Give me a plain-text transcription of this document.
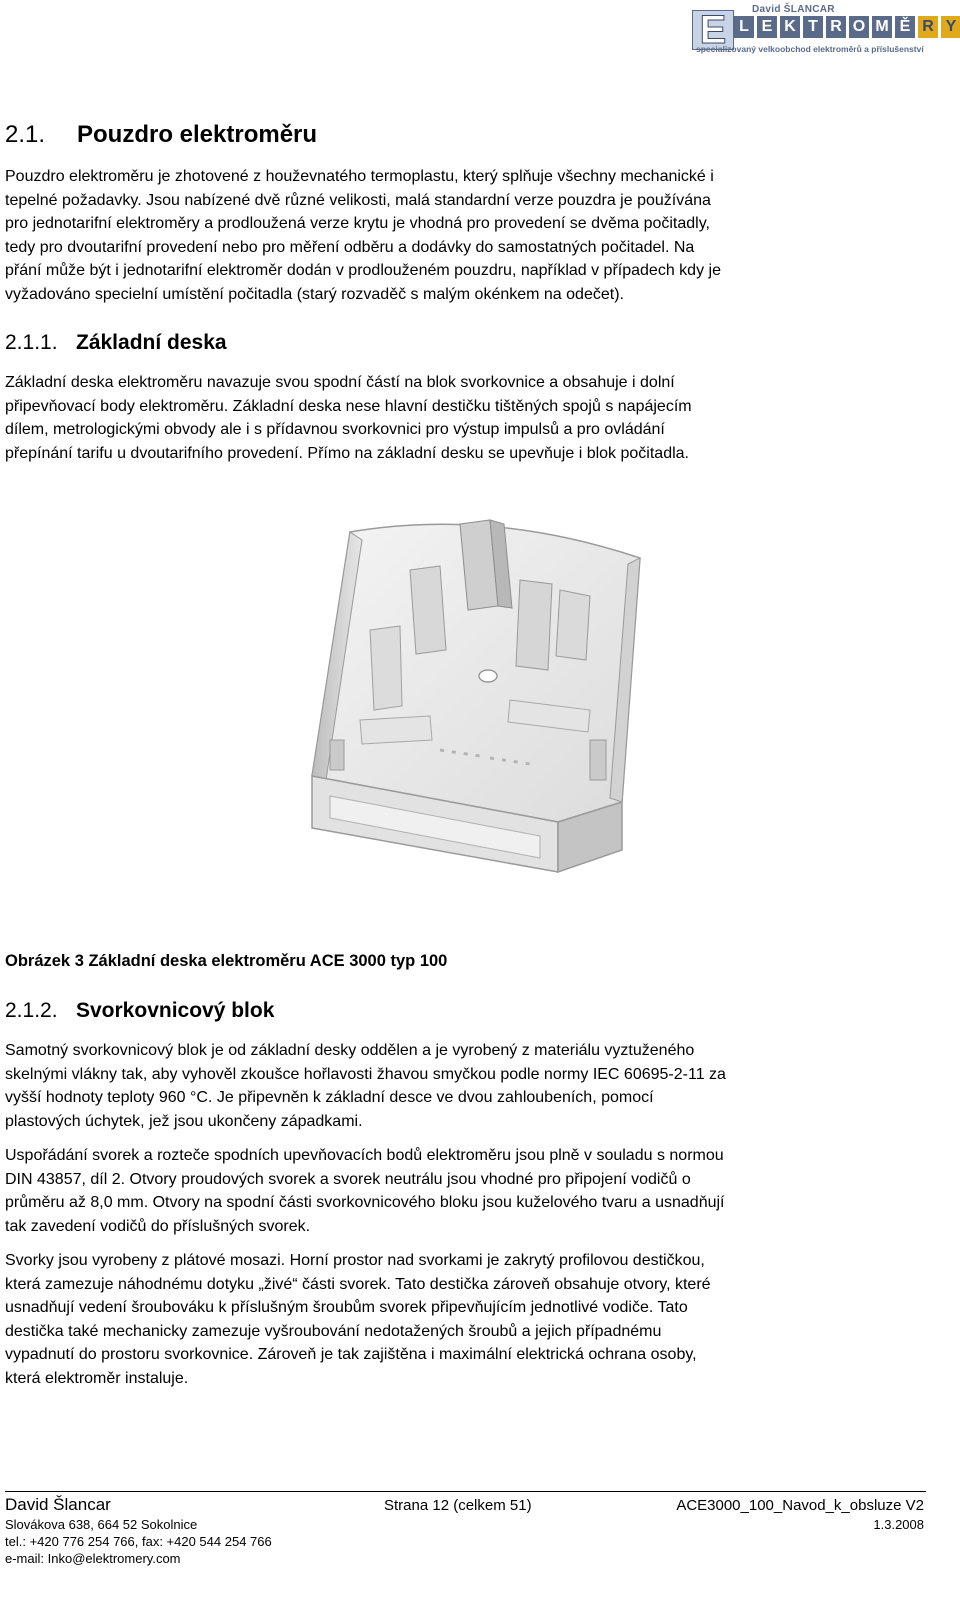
David ŠLANCAR
E L E K T R O M Ě R Y
specializovaný velkoobchod elektroměrů a příslušenství
2.1. Pouzdro elektroměru
Pouzdro elektroměru je zhotovené z houževnatého termoplastu, který splňuje všechny mechanické i
tepelné požadavky. Jsou nabízené dvě různé velikosti, malá standardní verze pouzdra je používána
pro jednotarifní elektroměry a prodloužená verze krytu je vhodná pro provedení se dvěma počitadly,
tedy pro dvoutarifní provedení nebo pro měření odběru a dodávky do samostatných počitadel. Na
přání může být i jednotarifní elektroměr dodán v prodlouženém pouzdru, například v případech kdy je
vyžadováno specielní umístění počitadla (starý rozvaděč s malým okénkem na odečet).
2.1.1. Základní deska
Základní deska elektroměru navazuje svou spodní částí na blok svorkovnice a obsahuje i dolní
připevňovací body elektroměru. Základní deska nese hlavní destičku tištěných spojů s napájecím
dílem, metrologickými obvody ale i s přídavnou svorkovnici pro výstup impulsů a pro ovládání
přepínání tarifu u dvoutarifního provedení. Přímo na základní desku se upevňuje i blok počitadla.
Obrázek 3 Základní deska elektroměru ACE 3000 typ 100
2.1.2. Svorkovnicový blok
Samotný svorkovnicový blok je od základní desky oddělen a je vyrobený z materiálu vyztuženého
skelnými vlákny tak, aby vyhověl zkoušce hořlavosti žhavou smyčkou podle normy IEC 60695-2-11 za
vyšší hodnoty teploty 960 °C. Je připevněn k základní desce ve dvou zahloubeních, pomocí
plastových úchytek, jež jsou ukončeny západkami.
Uspořádání svorek a rozteče spodních upevňovacích bodů elektroměru jsou plně v souladu s normou
DIN 43857, díl 2. Otvory proudových svorek a svorek neutrálu jsou vhodné pro připojení vodičů o
průměru až 8,0 mm. Otvory na spodní části svorkovnicového bloku jsou kuželového tvaru a usnadňují
tak zavedení vodičů do příslušných svorek.
Svorky jsou vyrobeny z plátové mosazi. Horní prostor nad svorkami je zakrytý profilovou destičkou,
která zamezuje náhodnému dotyku „živé“ části svorek. Tato destička zároveň obsahuje otvory, které
usnadňují vedení šroubováku k příslušným šroubům svorek připevňujícím jednotlivé vodiče. Tato
destička také mechanicky zamezuje vyšroubování nedotažených šroubů a jejich případnému
vypadnutí do prostoru svorkovnice. Zároveň je tak zajištěna i maximální elektrická ochrana osoby,
která elektroměr instaluje.
David Šlancar	Strana 12 (celkem 51)	ACE3000_100_Navod_k_obsluze V2
Slovákova 638, 664 52 Sokolnice	1.3.2008
tel.: +420 776 254 766, fax: +420 544 254 766
e-mail: Inko@elektromery.com
